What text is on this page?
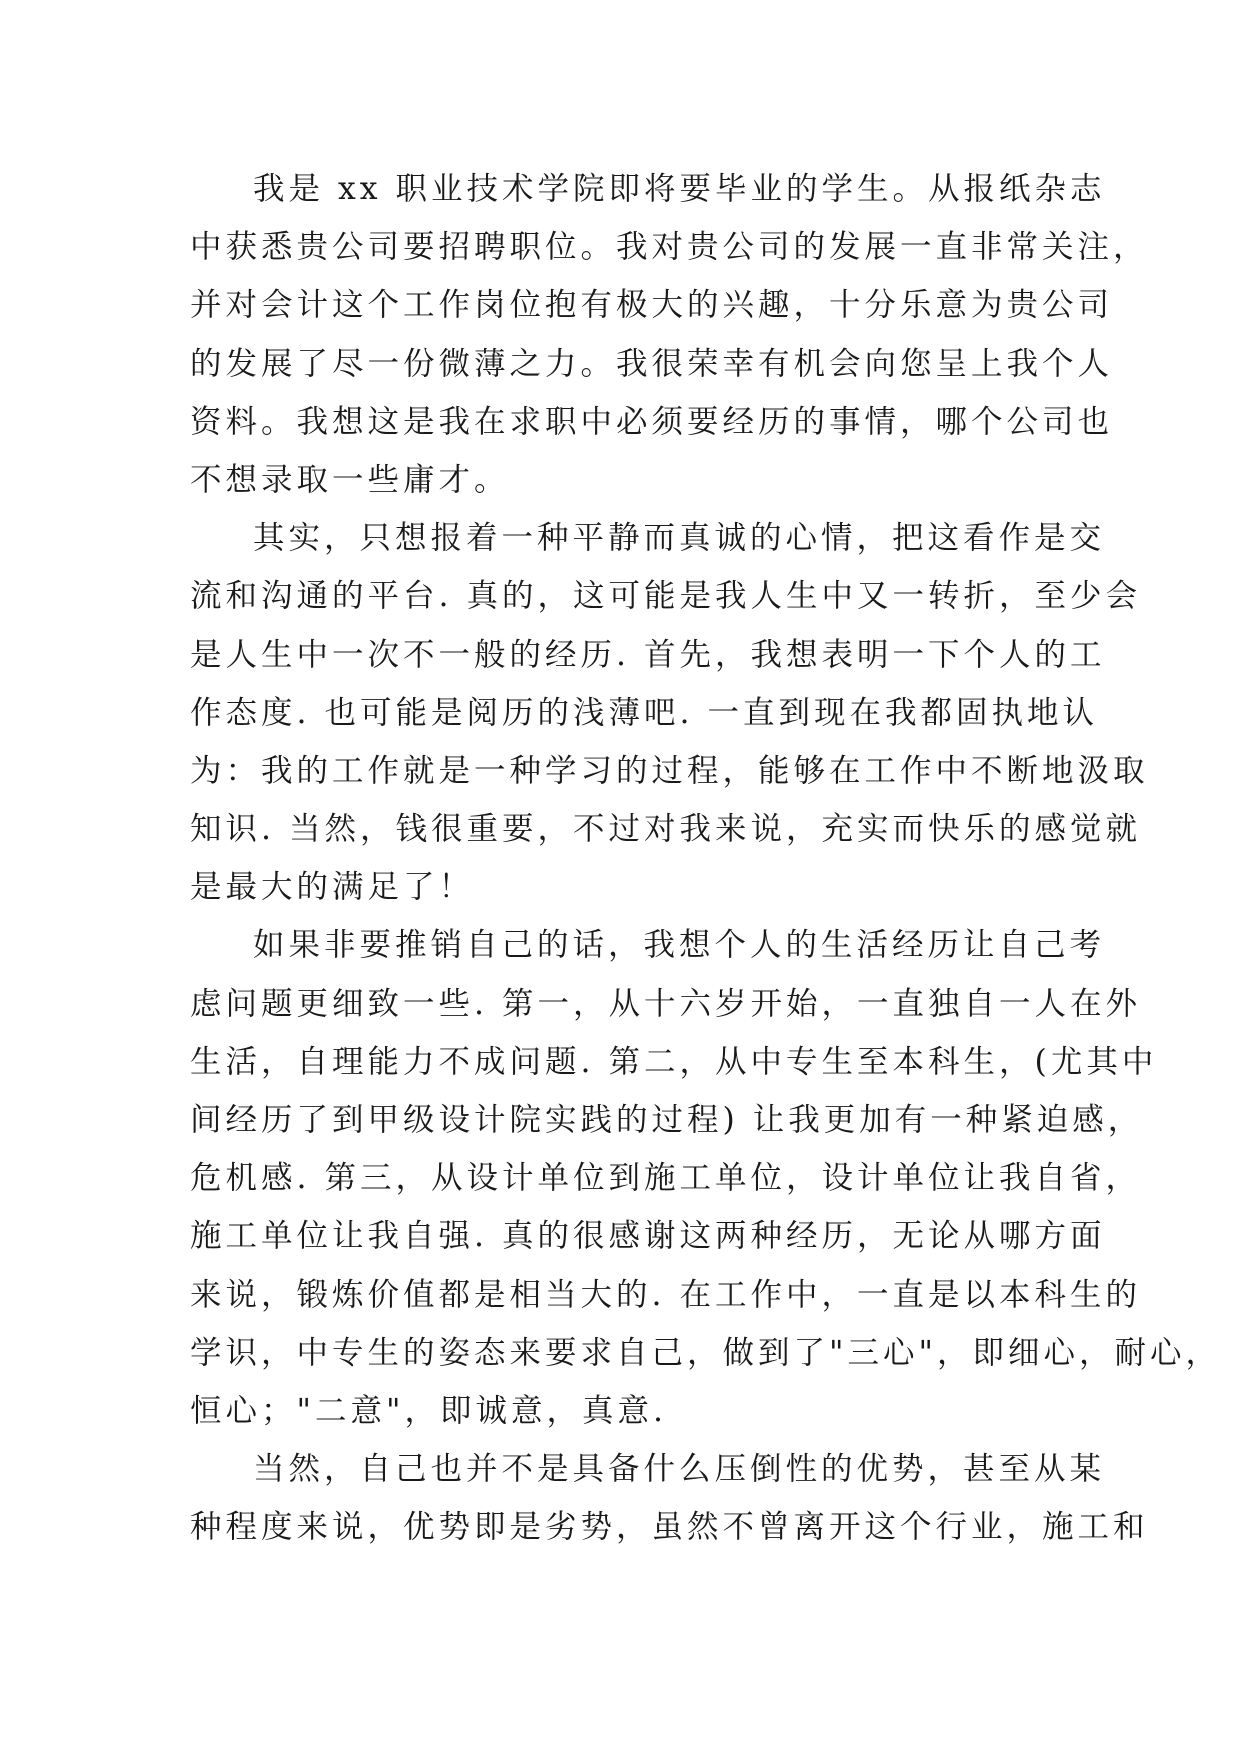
我是 xx 职业技术学院即将要毕业的学生。从报纸杂志
中获悉贵公司要招聘职位。我对贵公司的发展一直非常关注，
并对会计这个工作岗位抱有极大的兴趣，十分乐意为贵公司
的发展了尽一份微薄之力。我很荣幸有机会向您呈上我个人
资料。我想这是我在求职中必须要经历的事情，哪个公司也
不想录取一些庸才。
其实，只想报着一种平静而真诚的心情，把这看作是交
流和沟通的平台. 真的，这可能是我人生中又一转折，至少会
是人生中一次不一般的经历. 首先，我想表明一下个人的工
作态度. 也可能是阅历的浅薄吧. 一直到现在我都固执地认
为：我的工作就是一种学习的过程，能够在工作中不断地汲取
知识. 当然，钱很重要，不过对我来说，充实而快乐的感觉就
是最大的满足了！
如果非要推销自己的话，我想个人的生活经历让自己考
虑问题更细致一些. 第一，从十六岁开始，一直独自一人在外
生活，自理能力不成问题. 第二，从中专生至本科生，(尤其中
间经历了到甲级设计院实践的过程) 让我更加有一种紧迫感，
危机感. 第三，从设计单位到施工单位，设计单位让我自省，
施工单位让我自强. 真的很感谢这两种经历，无论从哪方面
来说，锻炼价值都是相当大的. 在工作中，一直是以本科生的
学识，中专生的姿态来要求自己，做到了"三心"，即细心，耐心，
恒心；"二意"，即诚意，真意.
当然，自己也并不是具备什么压倒性的优势，甚至从某
种程度来说，优势即是劣势，虽然不曾离开这个行业，施工和
